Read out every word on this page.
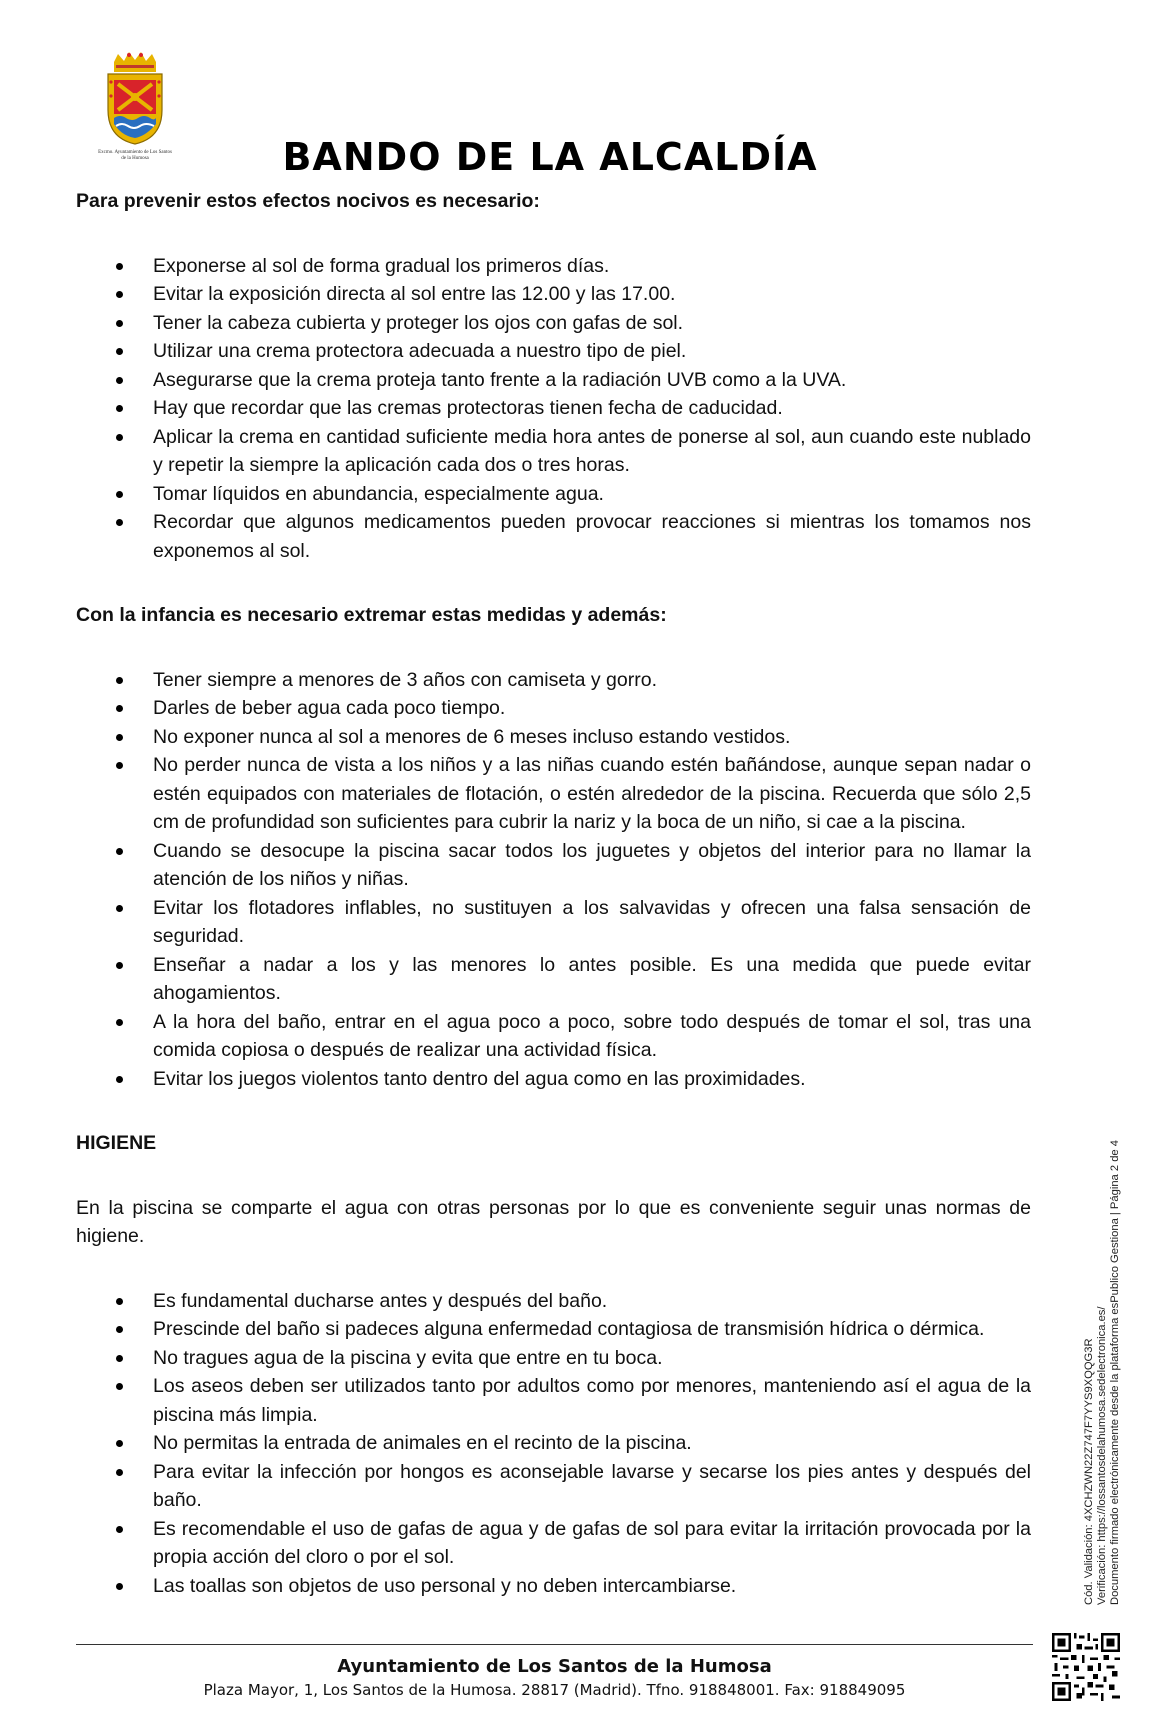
Excmo. Ayuntamiento de Los Santos de la Humosa	BANDO DE LA ALCALDÍA

Para prevenir estos efectos nocivos es necesario:

Exponerse al sol de forma gradual los primeros días.
Evitar la exposición directa al sol entre las 12.00 y las 17.00.
Tener la cabeza cubierta y proteger los ojos con gafas de sol.
Utilizar una crema protectora adecuada a nuestro tipo de piel.
Asegurarse que la crema proteja tanto frente a la radiación UVB como a la UVA.
Hay que recordar que las cremas protectoras tienen fecha de caducidad.
Aplicar la crema en cantidad suficiente media hora antes de ponerse al sol, aun cuando este nublado y repetir la siempre la aplicación cada dos o tres horas.
Tomar líquidos en abundancia, especialmente agua.
Recordar que algunos medicamentos pueden provocar reacciones si mientras los tomamos nos exponemos al sol.

Con la infancia es necesario extremar estas medidas y además:

Tener siempre a menores de 3 años con camiseta y gorro.
Darles de beber agua cada poco tiempo.
No exponer nunca al sol a menores de 6 meses incluso estando vestidos.
No perder nunca de vista a los niños y a las niñas cuando estén bañándose, aunque sepan nadar o estén equipados con materiales de flotación, o estén alrededor de la piscina. Recuerda que sólo 2,5 cm de profundidad son suficientes para cubrir la nariz y la boca de un niño, si cae a la piscina.
Cuando se desocupe la piscina sacar todos los juguetes y objetos del interior para no llamar la atención de los niños y niñas.
Evitar los flotadores inflables, no sustituyen a los salvavidas y ofrecen una falsa sensación de seguridad.
Enseñar a nadar a los y las menores lo antes posible. Es una medida que puede evitar ahogamientos.
A la hora del baño, entrar en el agua poco a poco, sobre todo después de tomar el sol, tras una comida copiosa o después de realizar una actividad física.
Evitar los juegos violentos tanto dentro del agua como en las proximidades.

HIGIENE

En la piscina se comparte el agua con otras personas por lo que es conveniente seguir unas normas de higiene.

Es fundamental ducharse antes y después del baño.
Prescinde del baño si padeces alguna enfermedad contagiosa de transmisión hídrica o dérmica.
No tragues agua de la piscina y evita que entre en tu boca.
Los aseos deben ser utilizados tanto por adultos como por menores, manteniendo así el agua de la piscina más limpia.
No permitas la entrada de animales en el recinto de la piscina.
Para evitar la infección por hongos es aconsejable lavarse y secarse los pies antes y después del baño.
Es recomendable el uso de gafas de agua y de gafas de sol para evitar la irritación provocada por la propia acción del cloro o por el sol.
Las toallas son objetos de uso personal y no deben intercambiarse.	Cód. Validación: 4XCHZWN22Z747F7YYS9XQQG3R Verificación: https://lossantosdelahumosa.sedelectronica.es/ Documento firmado electrónicamente desde la plataforma esPublico Gestiona | Página 2 de 4
Ayuntamiento de Los Santos de la Humosa
Plaza Mayor, 1, Los Santos de la Humosa. 28817 (Madrid). Tfno. 918848001. Fax: 918849095
